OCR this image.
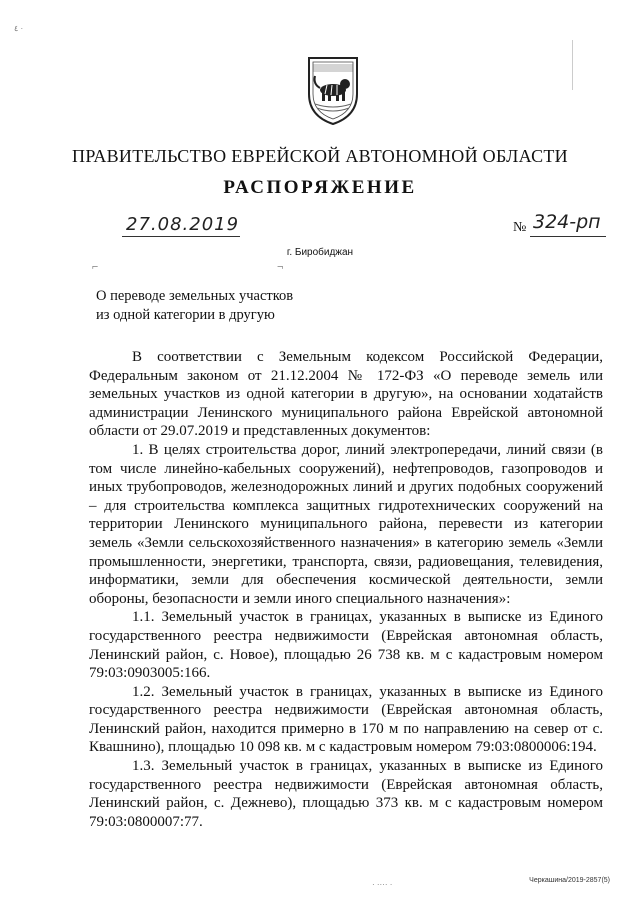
٤ ·
ПРАВИТЕЛЬСТВО ЕВРЕЙСКОЙ АВТОНОМНОЙ ОБЛАСТИ
РАСПОРЯЖЕНИЕ
27.08.2019	№ 324-рп
г. Биробиджан
⌐	¬
О переводе земельных участков
из одной категории в другую

В соответствии с Земельным кодексом Российской Федерации, Федеральным законом от 21.12.2004 № 172-ФЗ «О переводе земель или земельных участков из одной категории в другую», на основании ходатайств администрации Ленинского муниципального района Еврейской автономной области от 29.07.2019 и представленных документов:

1. В целях строительства дорог, линий электропередачи, линий связи (в том числе линейно-кабельных сооружений), нефтепроводов, газопроводов и иных трубопроводов, железнодорожных линий и других подобных сооружений – для строительства комплекса защитных гидротехнических сооружений на территории Ленинского муниципального района, перевести из категории земель «Земли сельскохозяйственного назначения» в категорию земель «Земли промышленности, энергетики, транспорта, связи, радиовещания, телевидения, информатики, земли для обеспечения космической деятельности, земли обороны, безопасности и земли иного специального назначения»:

1.1. Земельный участок в границах, указанных в выписке из Единого государственного реестра недвижимости (Еврейская автономная область, Ленинский район, с. Новое), площадью 26 738 кв. м с кадастровым номером 79:03:0903005:166.

1.2. Земельный участок в границах, указанных в выписке из Единого государственного реестра недвижимости (Еврейская автономная область, Ленинский район, находится примерно в 170 м по направлению на север от с. Квашнино), площадью 10 098 кв. м с кадастровым номером 79:03:0800006:194.

1.3. Земельный участок в границах, указанных в выписке из Единого государственного реестра недвижимости (Еврейская автономная область, Ленинский район, с. Дежнево), площадью 373 кв. м с кадастровым номером 79:03:0800007:77.

· ···· ·	Черкашина/2019-2857(5)
